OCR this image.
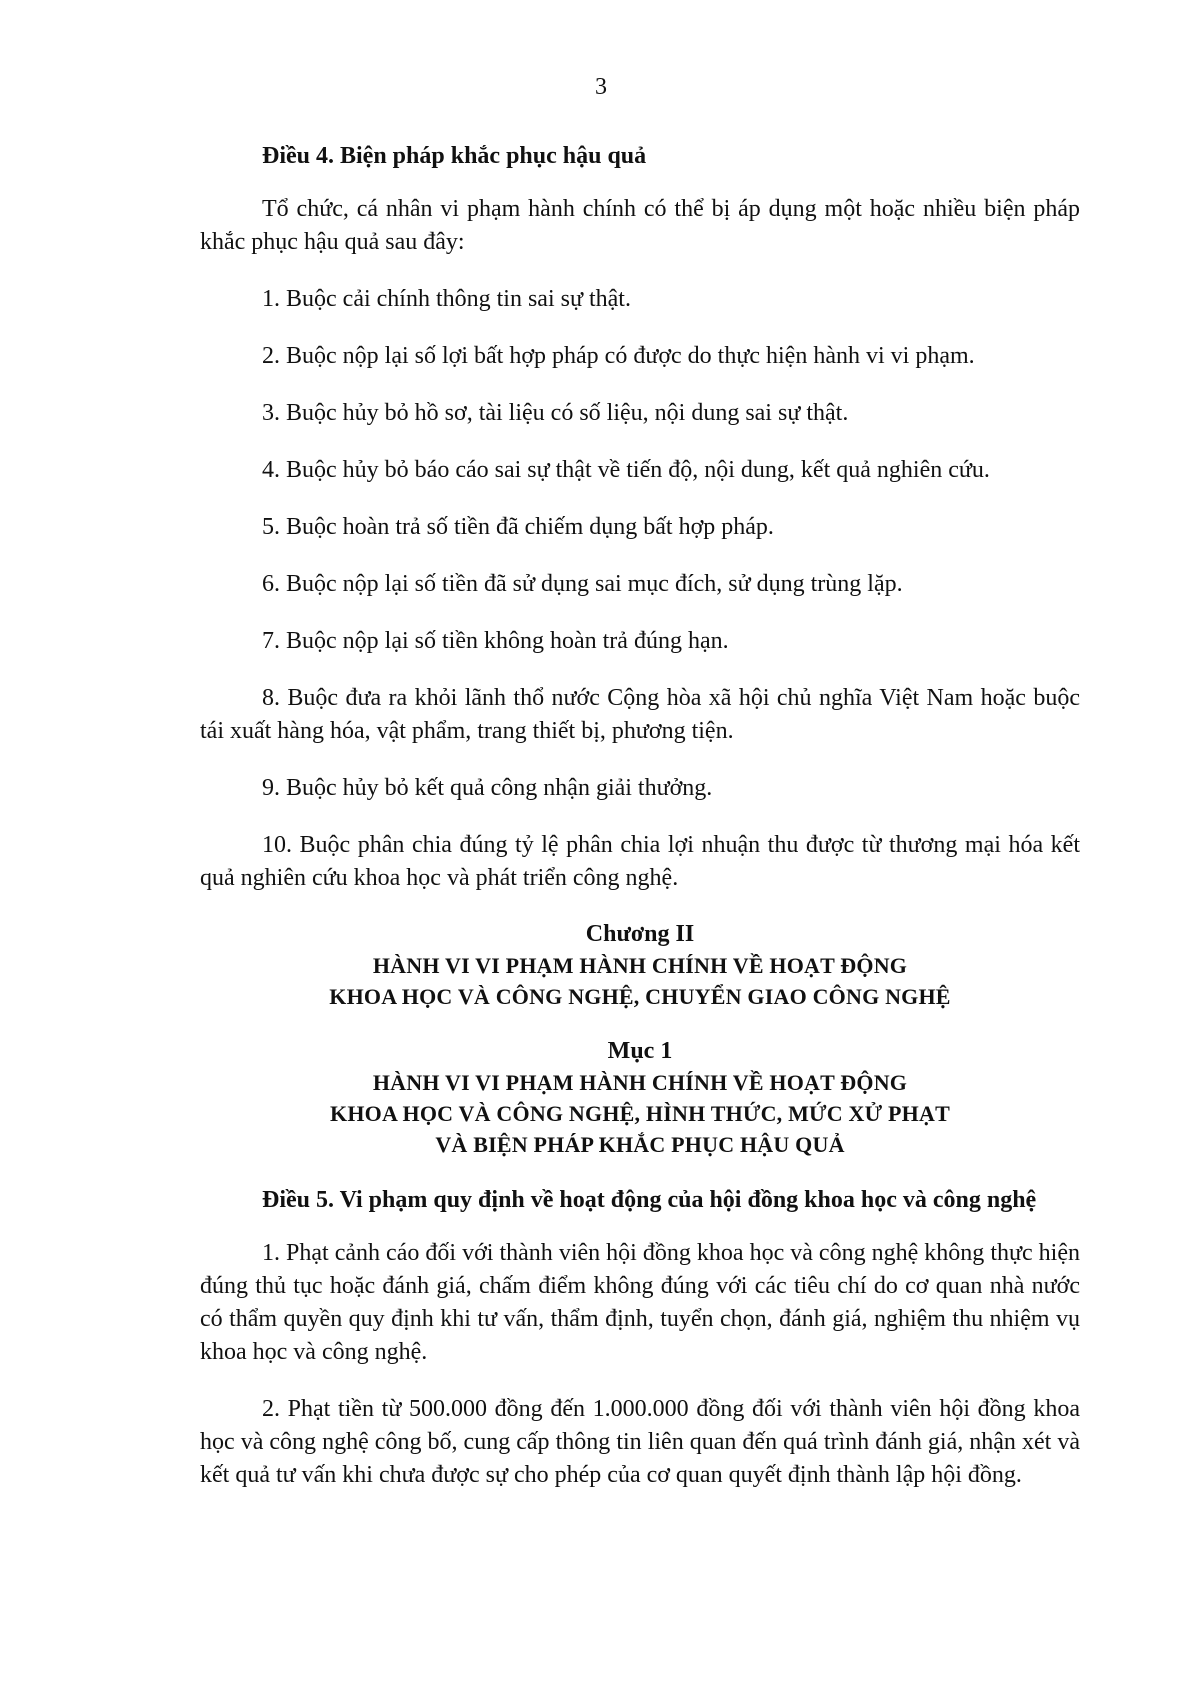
3
Điều 4. Biện pháp khắc phục hậu quả
Tổ chức, cá nhân vi phạm hành chính có thể bị áp dụng một hoặc nhiều biện pháp khắc phục hậu quả sau đây:
1. Buộc cải chính thông tin sai sự thật.
2. Buộc nộp lại số lợi bất hợp pháp có được do thực hiện hành vi vi phạm.
3. Buộc hủy bỏ hồ sơ, tài liệu có số liệu, nội dung sai sự thật.
4. Buộc hủy bỏ báo cáo sai sự thật về tiến độ, nội dung, kết quả nghiên cứu.
5. Buộc hoàn trả số tiền đã chiếm dụng bất hợp pháp.
6. Buộc nộp lại số tiền đã sử dụng sai mục đích, sử dụng trùng lặp.
7. Buộc nộp lại số tiền không hoàn trả đúng hạn.
8. Buộc đưa ra khỏi lãnh thổ nước Cộng hòa xã hội chủ nghĩa Việt Nam hoặc buộc tái xuất hàng hóa, vật phẩm, trang thiết bị, phương tiện.
9. Buộc hủy bỏ kết quả công nhận giải thưởng.
10. Buộc phân chia đúng tỷ lệ phân chia lợi nhuận thu được từ thương mại hóa kết quả nghiên cứu khoa học và phát triển công nghệ.
Chương II
HÀNH VI VI PHẠM HÀNH CHÍNH VỀ HOẠT ĐỘNG
KHOA HỌC VÀ CÔNG NGHỆ, CHUYỂN GIAO CÔNG NGHỆ
Mục 1
HÀNH VI VI PHẠM HÀNH CHÍNH VỀ HOẠT ĐỘNG
KHOA HỌC VÀ CÔNG NGHỆ, HÌNH THỨC, MỨC XỬ PHẠT
VÀ BIỆN PHÁP KHẮC PHỤC HẬU QUẢ
Điều 5. Vi phạm quy định về hoạt động của hội đồng khoa học và công nghệ
1. Phạt cảnh cáo đối với thành viên hội đồng khoa học và công nghệ không thực hiện đúng thủ tục hoặc đánh giá, chấm điểm không đúng với các tiêu chí do cơ quan nhà nước có thẩm quyền quy định khi tư vấn, thẩm định, tuyển chọn, đánh giá, nghiệm thu nhiệm vụ khoa học và công nghệ.
2. Phạt tiền từ 500.000 đồng đến 1.000.000 đồng đối với thành viên hội đồng khoa học và công nghệ công bố, cung cấp thông tin liên quan đến quá trình đánh giá, nhận xét và kết quả tư vấn khi chưa được sự cho phép của cơ quan quyết định thành lập hội đồng.
